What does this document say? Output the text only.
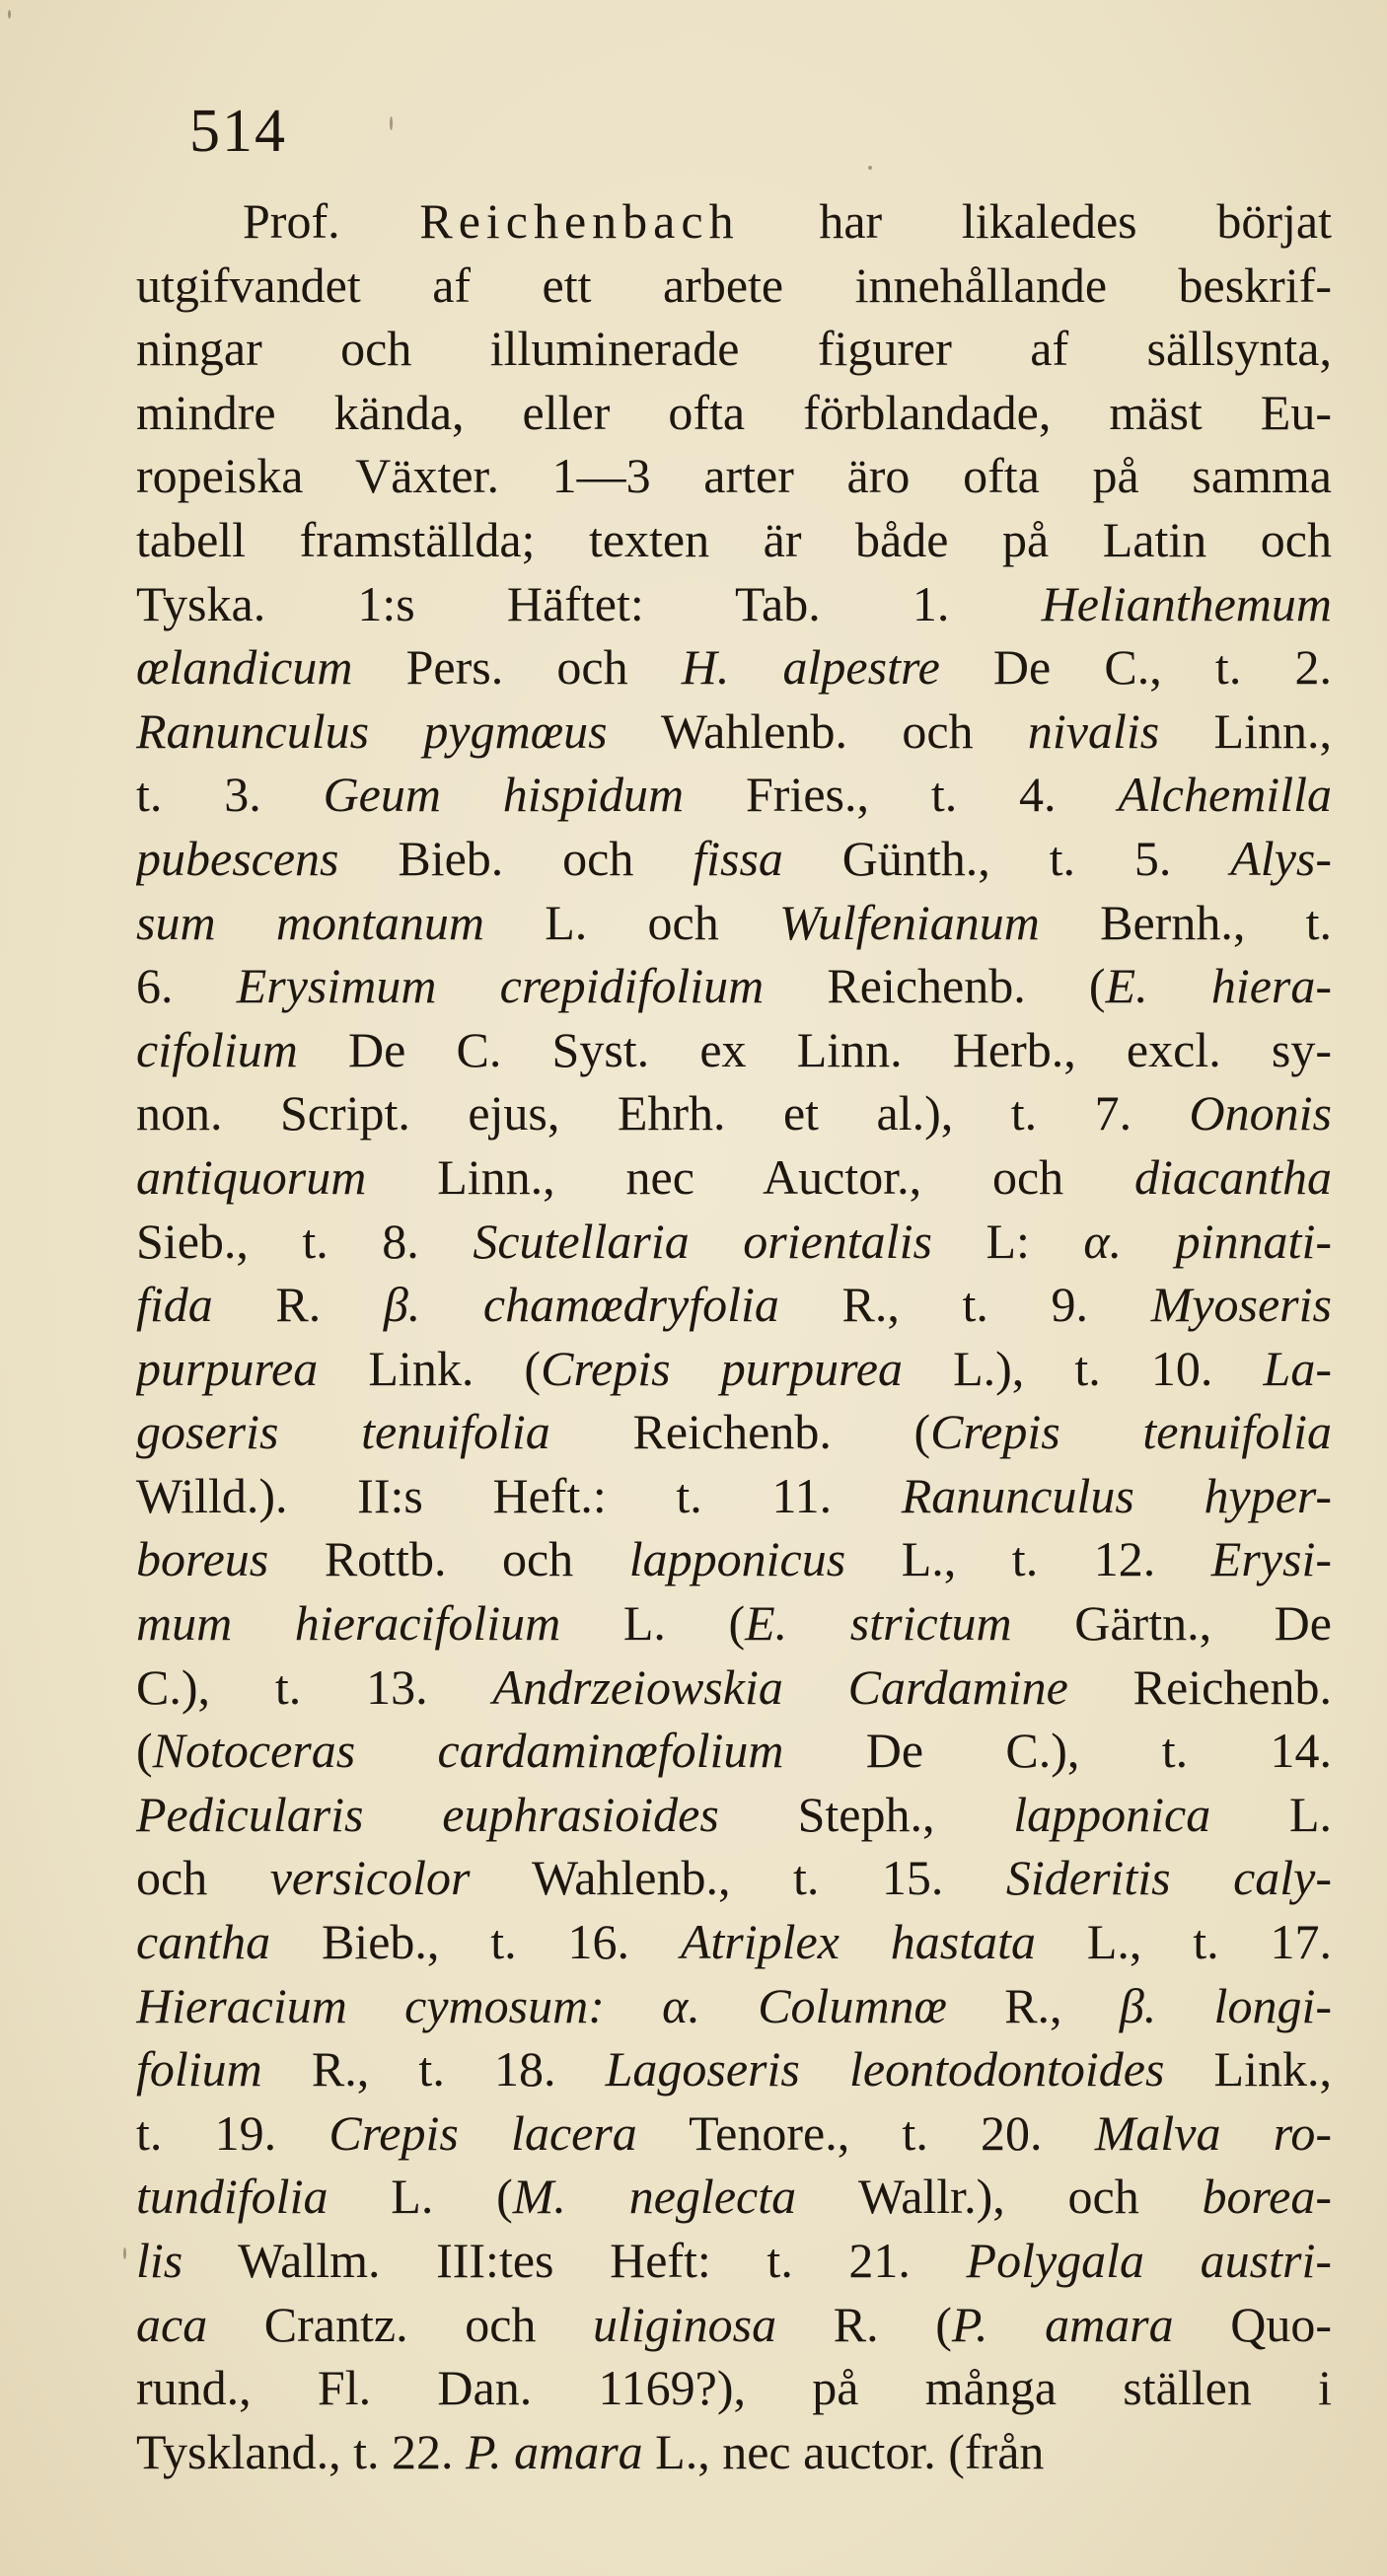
514
Prof. Reichenbach har likaledes börjat
utgifvandet af ett arbete innehållande beskrif-
ningar och illuminerade figurer af sällsynta,
mindre kända, eller ofta förblandade, mäst Eu-
ropeiska Växter. 1—3 arter äro ofta på samma
tabell framställda; texten är både på Latin och
Tyska. 1:s Häftet: Tab. 1. Helianthemum
œlandicum Pers. och H. alpestre De C., t. 2.
Ranunculus pygmœus Wahlenb. och nivalis Linn.,
t. 3. Geum hispidum Fries., t. 4. Alchemilla
pubescens Bieb. och fissa Günth., t. 5. Alys-
sum montanum L. och Wulfenianum Bernh., t.
6. Erysimum crepidifolium Reichenb. (E. hiera-
cifolium De C. Syst. ex Linn. Herb., excl. sy-
non. Script. ejus, Ehrh. et al.), t. 7. Ononis
antiquorum Linn., nec Auctor., och diacantha
Sieb., t. 8. Scutellaria orientalis L: α. pinnati-
fida R. β. chamœdryfolia R., t. 9. Myoseris
purpurea Link. (Crepis purpurea L.), t. 10. La-
goseris tenuifolia Reichenb. (Crepis tenuifolia
Willd.). II:s Heft.: t. 11. Ranunculus hyper-
boreus Rottb. och lapponicus L., t. 12. Erysi-
mum hieracifolium L. (E. strictum Gärtn., De
C.), t. 13. Andrzeiowskia Cardamine Reichenb.
(Notoceras cardaminœfolium De C.), t. 14.
Pedicularis euphrasioides Steph., lapponica L.
och versicolor Wahlenb., t. 15. Sideritis caly-
cantha Bieb., t. 16. Atriplex hastata L., t. 17.
Hieracium cymosum: α. Columnœ R., β. longi-
folium R., t. 18. Lagoseris leontodontoides Link.,
t. 19. Crepis lacera Tenore., t. 20. Malva ro-
tundifolia L. (M. neglecta Wallr.), och borea-
lis Wallm. III:tes Heft: t. 21. Polygala austri-
aca Crantz. och uliginosa R. (P. amara Quo-
rund., Fl. Dan. 1169?), på många ställen i
Tyskland., t. 22. P. amara L., nec auctor. (från
